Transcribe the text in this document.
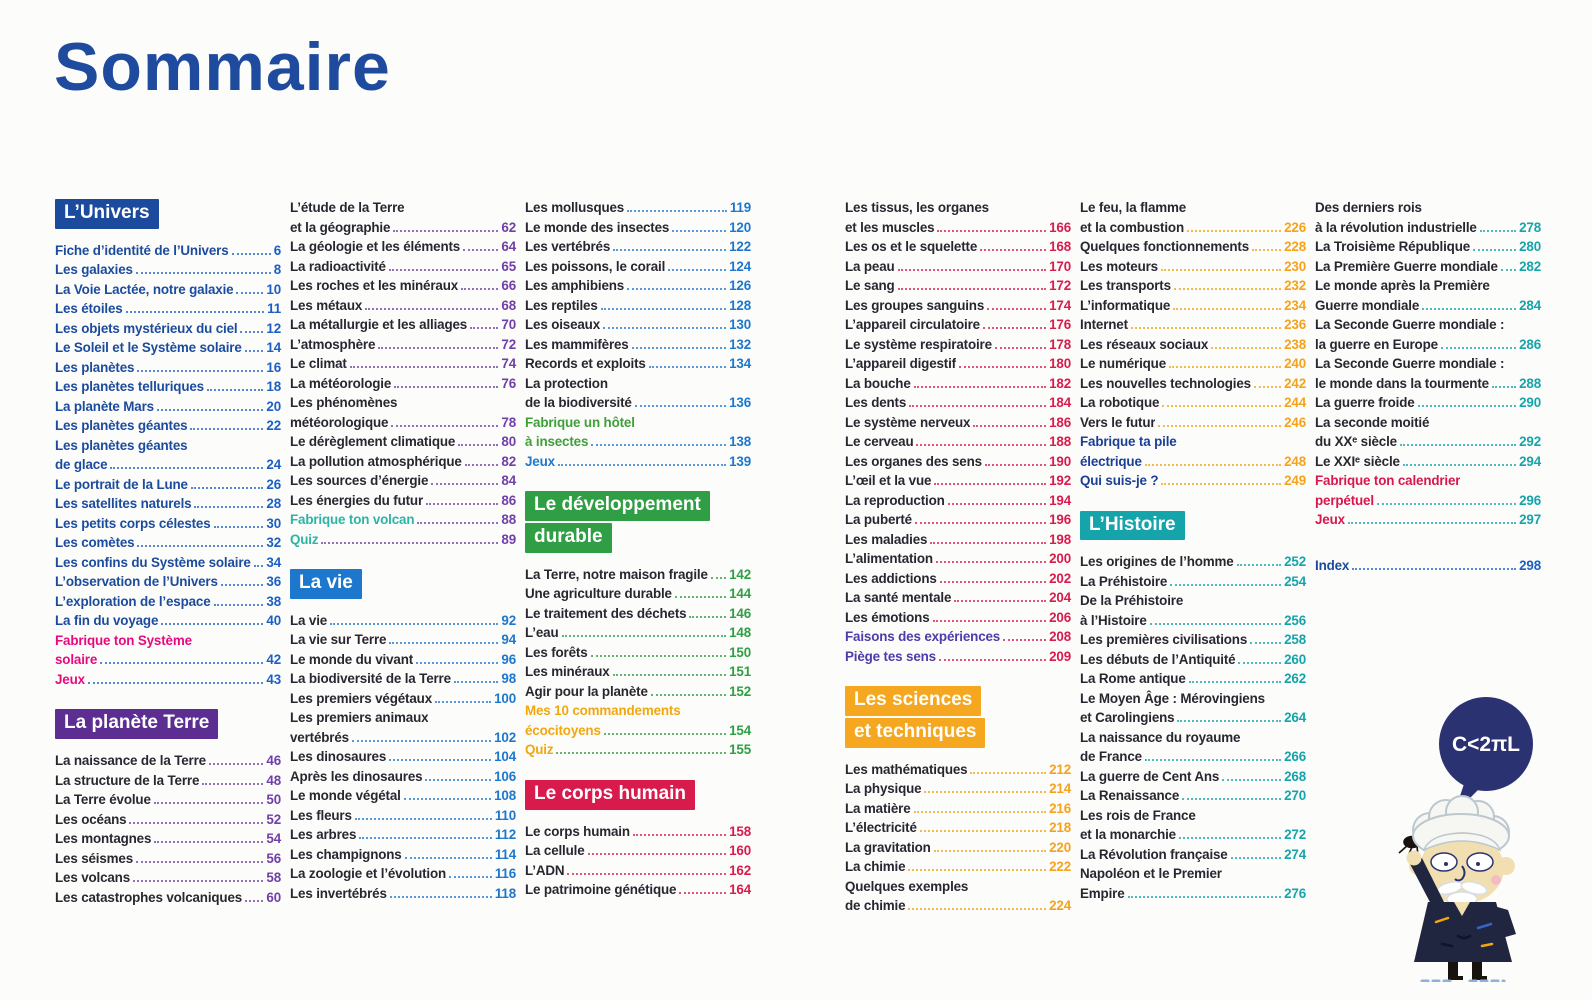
Sommaire
L’Univers
Fiche d’identité de l’Univers	6
Les galaxies	8
La Voie Lactée, notre galaxie 10
Les étoiles	11
Les objets mystérieux du ciel 12
Le Soleil et le Système solaire 14
Les planètes	16
Les planètes telluriques	18
La planète Mars	20
Les planètes géantes	22
Les planètes géantes
de glace	24
Le portrait de la Lune	26
Les satellites naturels	28
Les petits corps célestes	30
Les comètes	32
Les confins du Système solaire 34
L’observation de l’Univers	36
L’exploration de l’espace	38
La fin du voyage	40
Fabrique ton Système
solaire	42
Jeux	43
La planète Terre
La naissance de la Terre	46
La structure de la Terre	48
La Terre évolue	50
Les océans	52
Les montagnes	54
Les séismes	56
Les volcans	58
Les catastrophes volcaniques 60
L’étude de la Terre
et la géographie	62
La géologie et les éléments	64
La radioactivité	65
Les roches et les minéraux	66
Les métaux	68
La métallurgie et les alliages	70
L’atmosphère	72
Le climat	74
La météorologie	76
Les phénomènes
météorologique	78
Le dérèglement climatique	80
La pollution atmosphérique	82
Les sources d’énergie	84
Les énergies du futur	86
Fabrique ton volcan	88
Quiz	89
La vie
La vie	92
La vie sur Terre	94
Le monde du vivant	96
La biodiversité de la Terre	98
Les premiers végétaux	100
Les premiers animaux
vertébrés	102
Les dinosaures	104
Après les dinosaures	106
Le monde végétal	108
Les fleurs	110
Les arbres	112
Les champignons	114
La zoologie et l’évolution	116
Les invertébrés	118
Les mollusques	119
Le monde des insectes	120
Les vertébrés	122
Les poissons, le corail	124
Les amphibiens	126
Les reptiles	128
Les oiseaux	130
Les mammifères	132
Records et exploits	134
La protection
de la biodiversité	136
Fabrique un hôtel
à insectes	138
Jeux	139
Le développement
durable
La Terre, notre maison fragile 142
Une agriculture durable	144
Le traitement des déchets	146
L’eau	148
Les forêts	150
Les minéraux	151
Agir pour la planète	152
Mes 10 commandements
écocitoyens	154
Quiz	155
Le corps humain
Le corps humain	158
La cellule	160
L’ADN	162
Le patrimoine génétique	164
Les tissus, les organes
et les muscles	166
Les os et le squelette	168
La peau	170
Le sang	172
Les groupes sanguins	174
L’appareil circulatoire	176
Le système respiratoire	178
L’appareil digestif	180
La bouche	182
Les dents	184
Le système nerveux	186
Le cerveau	188
Les organes des sens	190
L’œil et la vue	192
La reproduction	194
La puberté	196
Les maladies	198
L’alimentation	200
Les addictions	202
La santé mentale	204
Les émotions	206
Faisons des expériences	208
Piège tes sens	209
Les sciences
et techniques
Les mathématiques	212
La physique	214
La matière	216
L’électricité	218
La gravitation	220
La chimie	222
Quelques exemples
de chimie	224
Le feu, la flamme
et la combustion	226
Quelques fonctionnements	228
Les moteurs	230
Les transports	232
L’informatique	234
Internet	236
Les réseaux sociaux	238
Le numérique	240
Les nouvelles technologies 242
La robotique	244
Vers le futur	246
Fabrique ta pile
électrique	248
Qui suis-je ?	249
L’Histoire
Les origines de l’homme	252
La Préhistoire	254
De la Préhistoire
à l’Histoire	256
Les premières civilisations	258
Les débuts de l’Antiquité	260
La Rome antique	262
Le Moyen Âge : Mérovingiens
et Carolingiens	264
La naissance du royaume
de France	266
La guerre de Cent Ans	268
La Renaissance	270
Les rois de France
et la monarchie	272
La Révolution française	274
Napoléon et le Premier
Empire	276
Des derniers rois
à la révolution industrielle	278
La Troisième République	280
La Première Guerre mondiale 282
Le monde après la Première
Guerre mondiale	284
La Seconde Guerre mondiale :
la guerre en Europe	286
La Seconde Guerre mondiale :
le monde dans la tourmente 288
La guerre froide	290
La seconde moitié
du XXᵉ siècle	292
Le XXIᵉ siècle	294
Fabrique ton calendrier
perpétuel	296
Jeux	297
Index	298
C<2πL
